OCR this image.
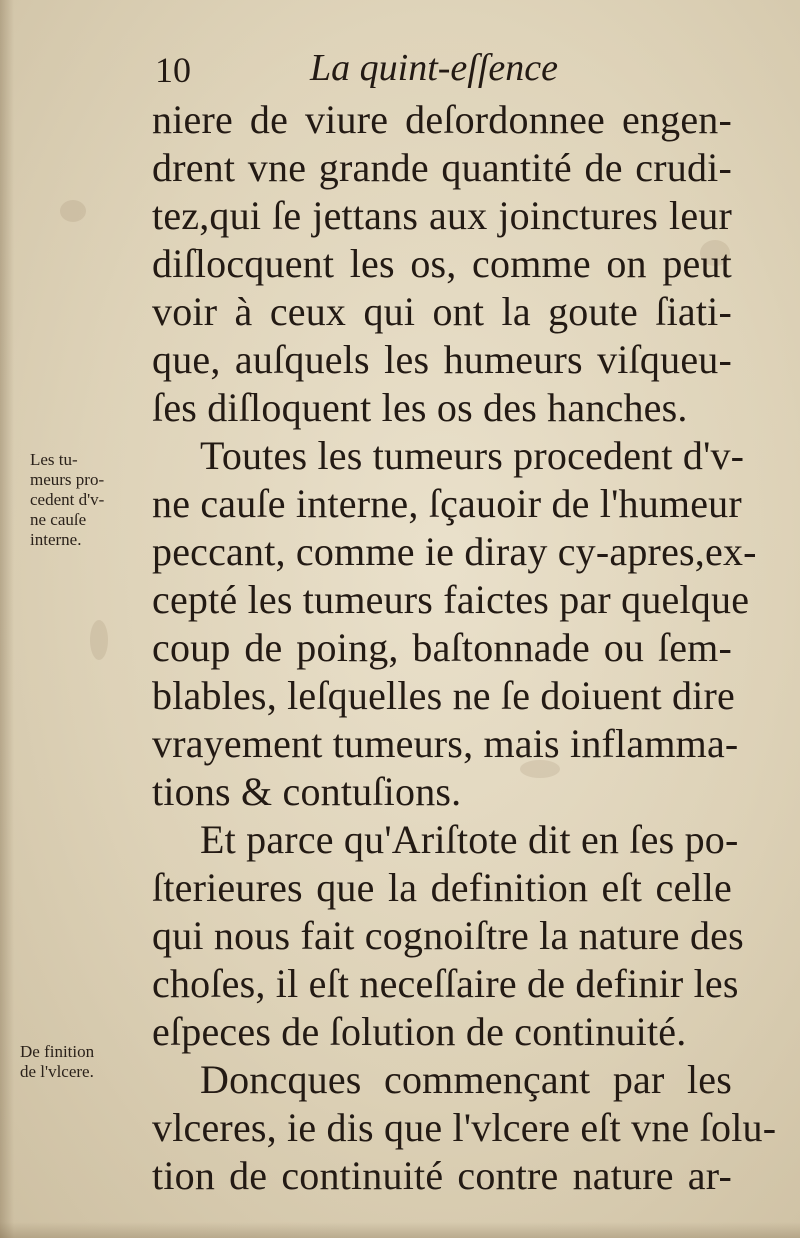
10	La quint-eſſence
niere de viure deſordonnee engen-
drent vne grande quantité de crudi-
tez,qui ſe jettans aux joinctures leur
diſlocquent les os, comme on peut
voir à ceux qui ont la goute ſiati-
que, auſquels les humeurs viſqueu-
ſes diſloquent les os des hanches.
Toutes les tumeurs procedent d'v-
ne cauſe interne, ſçauoir de l'humeur
peccant, comme ie diray cy-apres,ex-
cepté les tumeurs faictes par quelque
coup de poing, baſtonnade ou ſem-
blables, leſquelles ne ſe doiuent dire
vrayement tumeurs, mais inflamma-
tions & contuſions.
Et parce qu'Ariſtote dit en ſes po-
ſterieures que la definition eſt celle
qui nous fait cognoiſtre la nature des
choſes, il eſt neceſſaire de definir les
eſpeces de ſolution de continuité.
Doncques commençant par les
vlceres, ie dis que l'vlcere eſt vne ſolu-
tion de continuité contre nature ar-
Les tu-
meurs pro-
cedent d'v-
ne cauſe
interne.
De finition
de l'vlcere.
